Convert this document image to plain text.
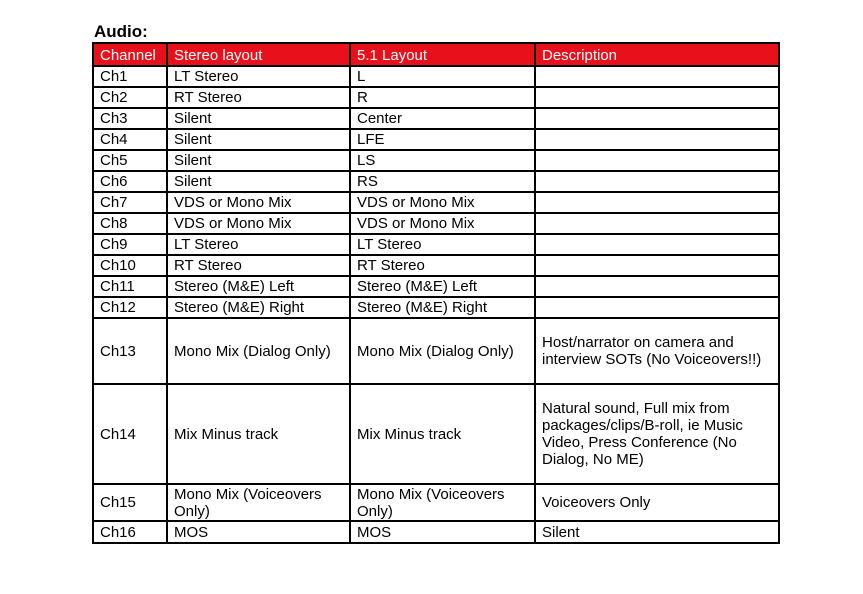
Audio:
Channel	Stereo layout	5.1 Layout	Description
Ch1	LT Stereo	L	
Ch2	RT Stereo	R	
Ch3	Silent	Center	
Ch4	Silent	LFE	
Ch5	Silent	LS	
Ch6	Silent	RS	
Ch7	VDS or Mono Mix	VDS or Mono Mix	
Ch8	VDS or Mono Mix	VDS or Mono Mix	
Ch9	LT Stereo	LT Stereo	
Ch10	RT Stereo	RT Stereo	
Ch11	Stereo (M&E) Left	Stereo (M&E) Left	
Ch12	Stereo (M&E) Right	Stereo (M&E) Right	
Ch13	Mono Mix (Dialog Only)	Mono Mix (Dialog Only)	Host/narrator on camera and interview SOTs (No Voiceovers!!)
Ch14	Mix Minus track	Mix Minus track	Natural sound, Full mix from packages/clips/B-roll, ie Music Video, Press Conference (No Dialog, No ME)
Ch15	Mono Mix (Voiceovers Only)	Mono Mix (Voiceovers Only)	Voiceovers Only
Ch16	MOS	MOS	Silent
